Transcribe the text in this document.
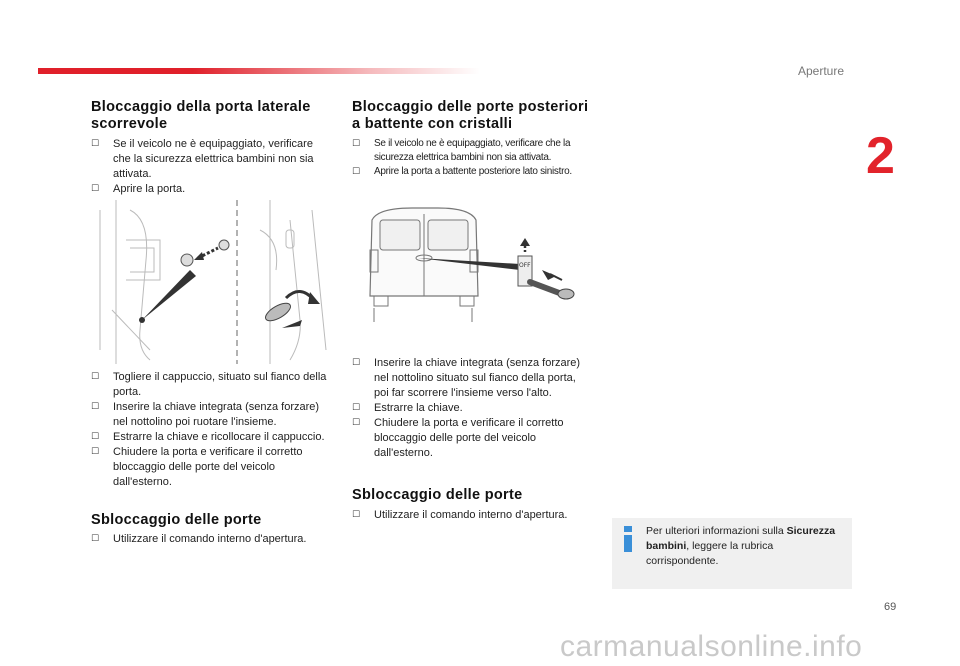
Aperture
2
Bloccaggio della porta laterale
scorrevole
☐ Se il veicolo ne è equipaggiato, verificare che la sicurezza elettrica bambini non sia attivata.
☐ Aprire la porta.
☐ Togliere il cappuccio, situato sul fianco della porta.
☐ Inserire la chiave integrata (senza forzare) nel nottolino poi ruotare l'insieme.
☐ Estrarre la chiave e ricollocare il cappuccio.
☐ Chiudere la porta e verificare il corretto bloccaggio delle porte del veicolo dall'esterno.
Sbloccaggio delle porte
☐ Utilizzare il comando interno d'apertura.
Bloccaggio delle porte posteriori
a battente con cristalli
☐ Se il veicolo ne è equipaggiato, verificare che la sicurezza elettrica bambini non sia attivata.
☐ Aprire la porta a battente posteriore lato sinistro.
OFF
☐ Inserire la chiave integrata (senza forzare) nel nottolino situato sul fianco della porta, poi far scorrere l'insieme verso l'alto.
☐ Estrarre la chiave.
☐ Chiudere la porta e verificare il corretto bloccaggio delle porte del veicolo dall'esterno.
Sbloccaggio delle porte
☐ Utilizzare il comando interno d'apertura.
Per ulteriori informazioni sulla Sicurezza bambini, leggere la rubrica corrispondente.
69
carmanualsonline.info
